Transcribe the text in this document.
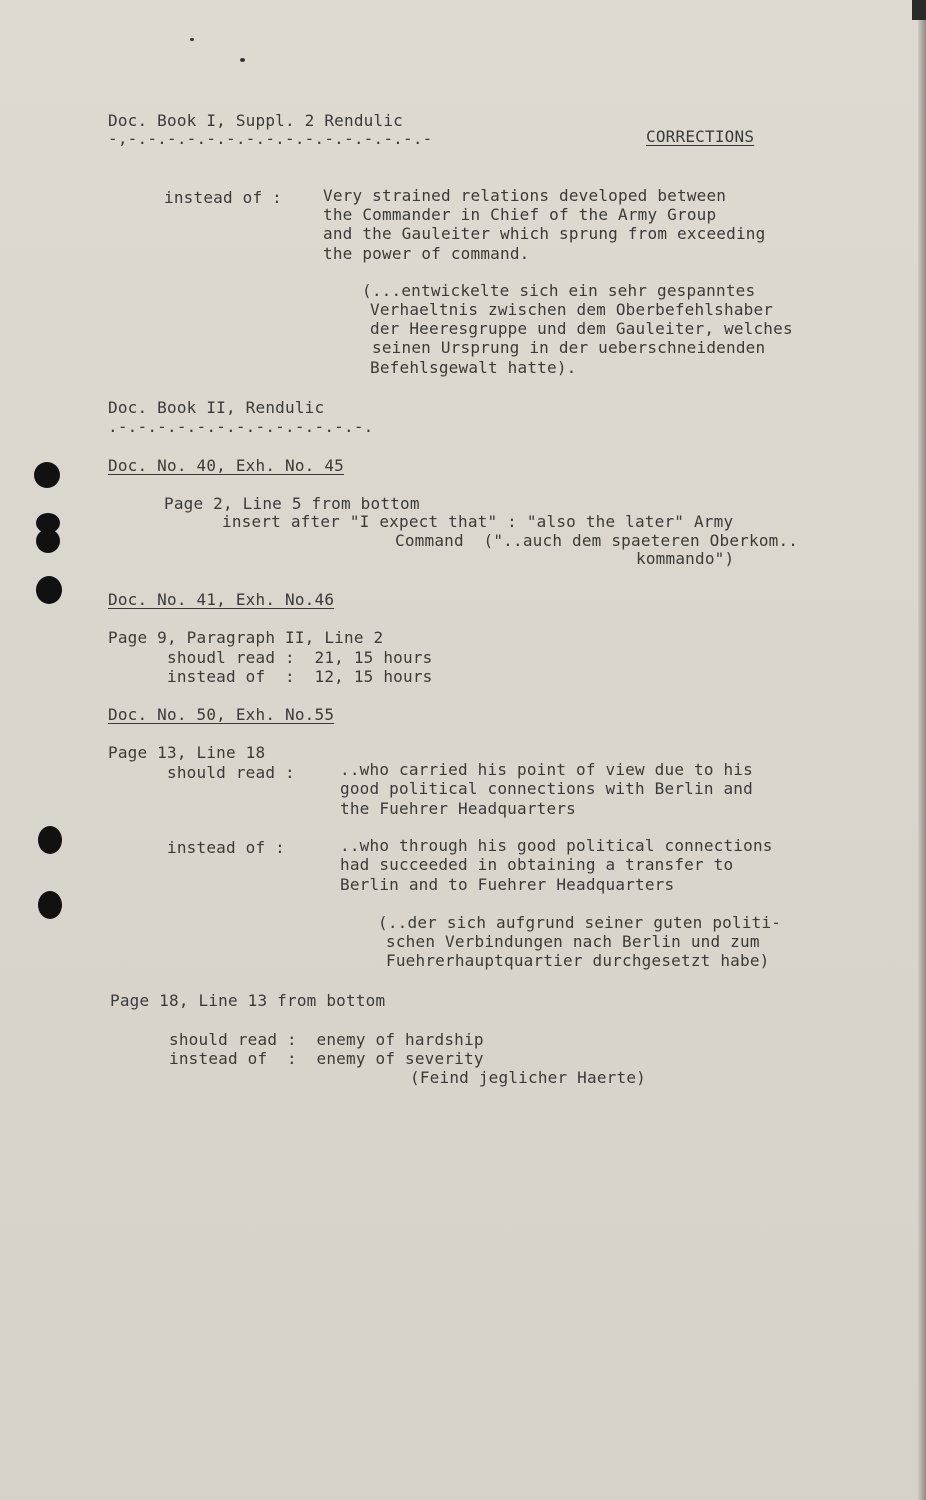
Doc. Book I, Suppl. 2 Rendulic
-,-.-.-.-.-.-.-.-.-.-.-.-.-.-.-.-	CORRECTIONS
instead of :	Very strained relations developed between
the Commander in Chief of the Army Group
and the Gauleiter which sprung from exceeding
the power of command.
(...entwickelte sich ein sehr gespanntes
Verhaeltnis zwischen dem Oberbefehlshaber
der Heeresgruppe und dem Gauleiter, welches
seinen Ursprung in der ueberschneidenden
Befehlsgewalt hatte).
Doc. Book II, Rendulic
.-.-.-.-.-.-.-.-.-.-.-.-.-.
Doc. No. 40, Exh. No. 45
Page 2, Line 5 from bottom
insert after "I expect that" : "also the later" Army
Command  ("..auch dem spaeteren Oberkom..
kommando")
Doc. No. 41, Exh. No.46
Page 9, Paragraph II, Line 2
shoudl read :  21, 15 hours
instead of  :  12, 15 hours
Doc. No. 50, Exh. No.55
Page 13, Line 18
should read :	..who carried his point of view due to his
good political connections with Berlin and
the Fuehrer Headquarters
instead of :	..who through his good political connections
had succeeded in obtaining a transfer to
Berlin and to Fuehrer Headquarters
(..der sich aufgrund seiner guten politi-
schen Verbindungen nach Berlin und zum
Fuehrerhauptquartier durchgesetzt habe)
Page 18, Line 13 from bottom
should read :  enemy of hardship
instead of  :  enemy of severity
(Feind jeglicher Haerte)
